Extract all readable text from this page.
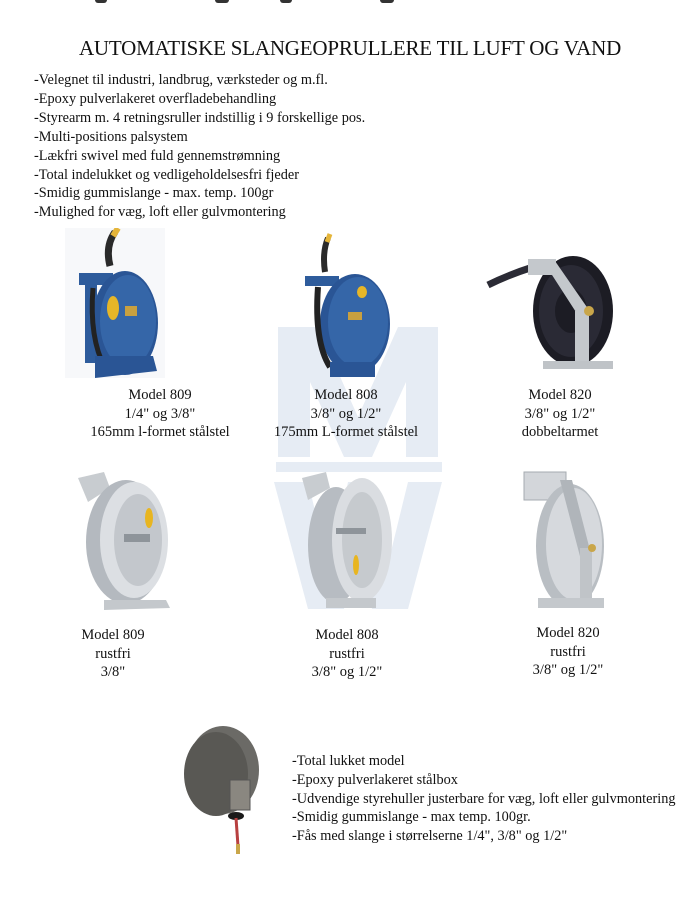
AUTOMATISKE SLANGEOPRULLERE TIL LUFT OG VAND
-Velegnet til industri, landbrug, værksteder og m.fl.
-Epoxy pulverlakeret overfladebehandling
-Styrearm m. 4 retningsruller indstillig i 9 forskellige pos.
-Multi-positions palsystem
-Lækfri swivel med fuld gennemstrømning
-Total indelukket og vedligeholdelsesfri fjeder
-Smidig gummislange - max. temp. 100gr
-Mulighed for væg, loft eller gulvmontering
Model 809
1/4" og 3/8"
165mm l-formet stålstel
Model 808
3/8" og 1/2"
175mm L-formet stålstel
Model 820
3/8" og 1/2"
dobbeltarmet
Model 809
rustfri
3/8"
Model 808
rustfri
3/8" og 1/2"
Model 820
rustfri
3/8" og 1/2"
-Total lukket model
-Epoxy pulverlakeret stålbox
-Udvendige styrehuller justerbare for væg, loft eller gulvmontering
-Smidig gummislange - max temp. 100gr.
-Fås med slange i størrelserne 1/4", 3/8" og 1/2"
